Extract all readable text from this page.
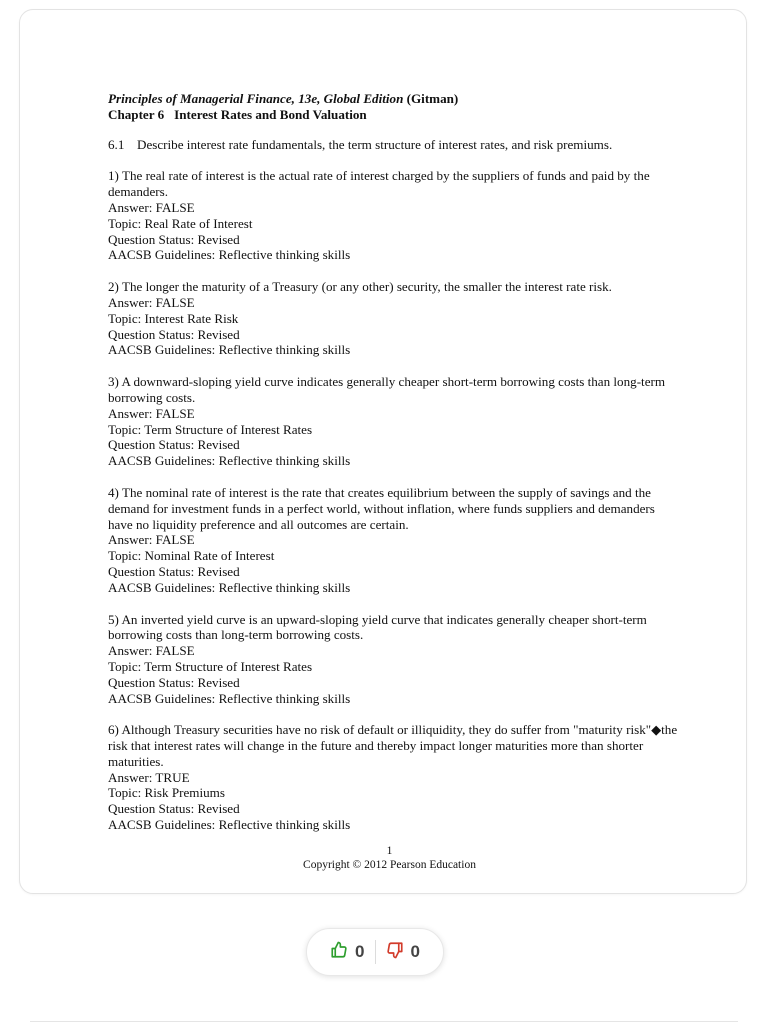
Principles of Managerial Finance, 13e, Global Edition (Gitman)

Chapter 6 Interest Rates and Bond Valuation

6.1 Describe interest rate fundamentals, the term structure of interest rates, and risk premiums.

1) The real rate of interest is the actual rate of interest charged by the suppliers of funds and paid by the demanders.

Answer: FALSE

Topic: Real Rate of Interest

Question Status: Revised

AACSB Guidelines: Reflective thinking skills

2) The longer the maturity of a Treasury (or any other) security, the smaller the interest rate risk.

Answer: FALSE

Topic: Interest Rate Risk

Question Status: Revised

AACSB Guidelines: Reflective thinking skills

3) A downward-sloping yield curve indicates generally cheaper short-term borrowing costs than long-term borrowing costs.

Answer: FALSE

Topic: Term Structure of Interest Rates

Question Status: Revised

AACSB Guidelines: Reflective thinking skills

4) The nominal rate of interest is the rate that creates equilibrium between the supply of savings and the demand for investment funds in a perfect world, without inflation, where funds suppliers and demanders have no liquidity preference and all outcomes are certain.

Answer: FALSE

Topic: Nominal Rate of Interest

Question Status: Revised

AACSB Guidelines: Reflective thinking skills

5) An inverted yield curve is an upward-sloping yield curve that indicates generally cheaper short-term borrowing costs than long-term borrowing costs.

Answer: FALSE

Topic: Term Structure of Interest Rates

Question Status: Revised

AACSB Guidelines: Reflective thinking skills

6) Although Treasury securities have no risk of default or illiquidity, they do suffer from "maturity risk"◆the risk that interest rates will change in the future and thereby impact longer maturities more than shorter maturities.

Answer: TRUE

Topic: Risk Premiums

Question Status: Revised

AACSB Guidelines: Reflective thinking skills

1
Copyright © 2012 Pearson Education
0	0
